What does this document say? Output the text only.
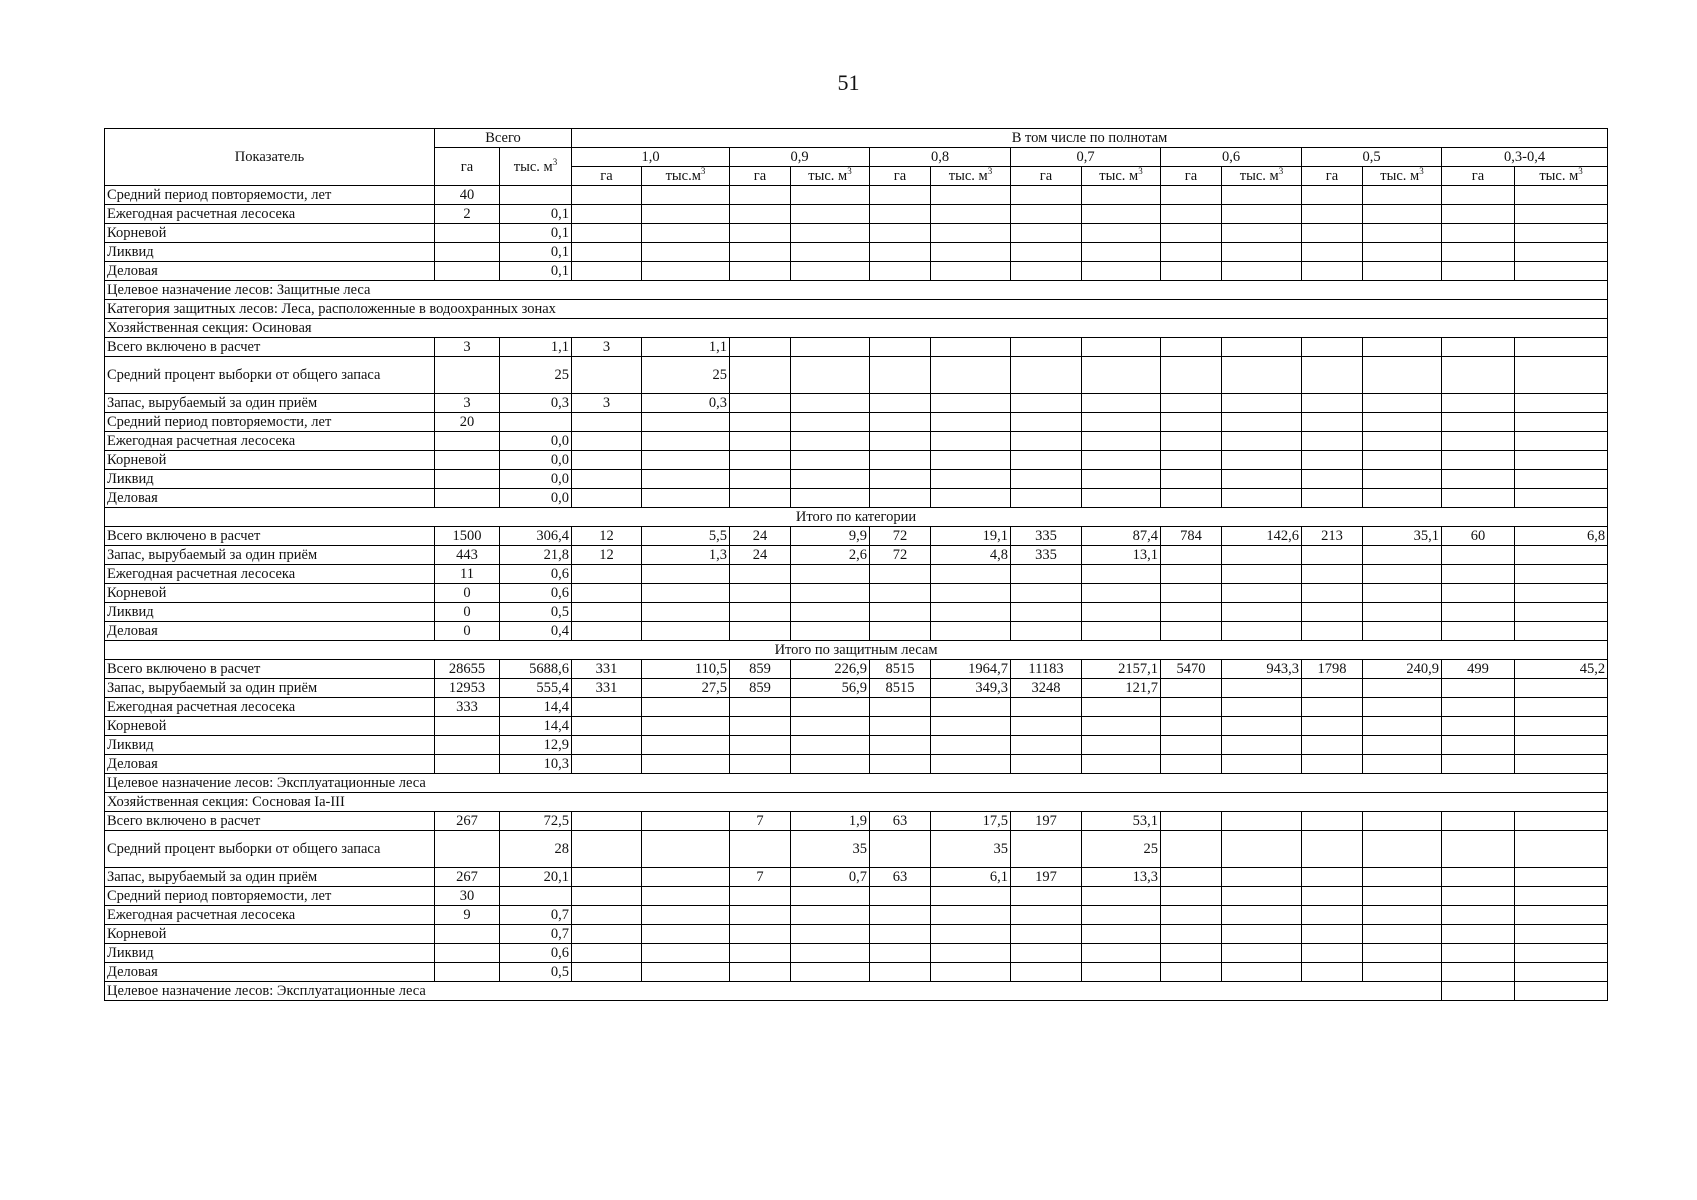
51
Показатель	Всего		В том числе по полнотам													
	га	тыс. $м^3$	1,0		0,9		0,8		0,7		0,6		0,5		0,3-0,4	
			га	$тыс.м^3$	га	тыс. $м^3$	га	тыс. $м^3$	га	тыс. $м^3$	га	тыс. $м^3$	га	тыс. $м^3$	га	тыс. $м^3$
Средний период повторяемости, лет	40															
Ежегодная расчетная лесосека	2	0,1														
Корневой		0,1														
Ликвид		0,1														
Деловая		0,1														
Целевое назначение лесов: Защитные леса																
Категория защитных лесов: Леса, расположенные в водоохранных зонах																
Хозяйственная секция: Осиновая																
Всего включено в расчет	3	1,1	3	1,1												
Средний процент выборки от общего запаса		25		25												
Запас, вырубаемый за один приём	3	0,3	3	0,3												
Средний период повторяемости, лет	20															
Ежегодная расчетная лесосека		0,0														
Корневой		0,0														
Ликвид		0,0														
Деловая		0,0														
Итого по категории																
Всего включено в расчет	1500	306,4	12	5,5	24	9,9	72	19,1	335	87,4	784	142,6	213	35,1	60	6,8
Запас, вырубаемый за один приём	443	21,8	12	1,3	24	2,6	72	4,8	335	13,1						
Ежегодная расчетная лесосека	11	0,6														
Корневой	0	0,6														
Ликвид	0	0,5														
Деловая	0	0,4														
Итого по защитным лесам																
Всего включено в расчет	28655	5688,6	331	110,5	859	226,9	8515	1964,7	11183	2157,1	5470	943,3	1798	240,9	499	45,2
Запас, вырубаемый за один приём	12953	555,4	331	27,5	859	56,9	8515	349,3	3248	121,7						
Ежегодная расчетная лесосека	333	14,4														
Корневой		14,4														
Ликвид		12,9														
Деловая		10,3														
Целевое назначение лесов: Эксплуатационные леса																
Хозяйственная секция: Сосновая Iа-III																
Всего включено в расчет	267	72,5			7	1,9	63	17,5	197	53,1						
Средний процент выборки от общего запаса		28				35		35		25						
Запас, вырубаемый за один приём	267	20,1			7	0,7	63	6,1	197	13,3						
Средний период повторяемости, лет	30															
Ежегодная расчетная лесосека	9	0,7														
Корневой		0,7														
Ликвид		0,6														
Деловая		0,5														
Целевое назначение лесов: Эксплуатационные леса																
